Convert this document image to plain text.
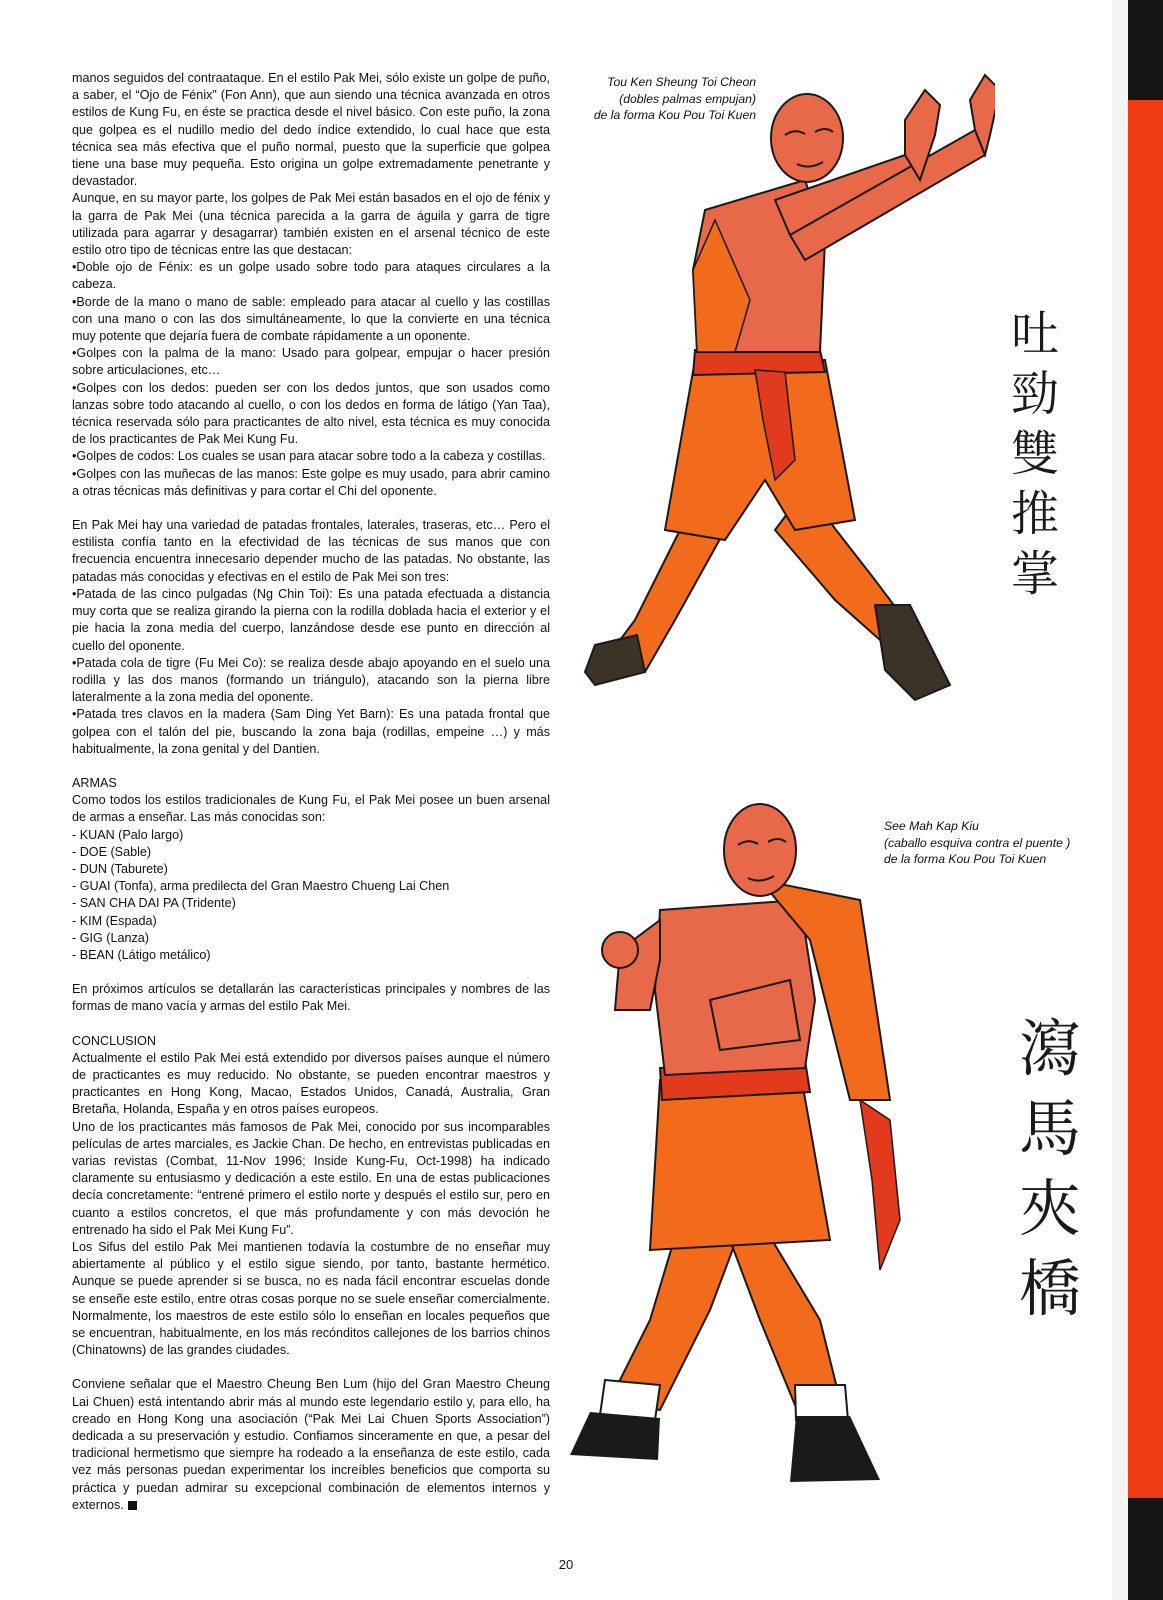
manos seguidos del contraataque. En el estilo Pak Mei, sólo existe un golpe de puño, a saber, el “Ojo de Fénix” (Fon Ann), que aun siendo una técnica avanzada en otros estilos de Kung Fu, en éste se practica desde el nivel básico. Con este puño, la zona que golpea es el nudillo medio del dedo índice extendido, lo cual hace que esta técnica sea más efectiva que el puño normal, puesto que la superficie que golpea tiene una base muy pequeña. Esto origina un golpe extremadamente penetrante y devastador.

Aunque, en su mayor parte, los golpes de Pak Mei están basados en el ojo de fénix y la garra de Pak Mei (una técnica parecida a la garra de águila y garra de tigre utilizada para agarrar y desagarrar) también existen en el arsenal técnico de este estilo otro tipo de técnicas entre las que destacan:

•Doble ojo de Fénix: es un golpe usado sobre todo para ataques circulares a la cabeza.

•Borde de la mano o mano de sable: empleado para atacar al cuello y las costillas con una mano o con las dos simultáneamente, lo que la convierte en una técnica muy potente que dejaría fuera de combate rápidamente a un oponente.

•Golpes con la palma de la mano: Usado para golpear, empujar o hacer presión sobre articulaciones, etc…

•Golpes con los dedos: pueden ser con los dedos juntos, que son usados como lanzas sobre todo atacando al cuello, o con los dedos en forma de látigo (Yan Taa), técnica reservada sólo para practicantes de alto nivel, esta técnica es muy conocida de los practicantes de Pak Mei Kung Fu.

•Golpes de codos: Los cuales se usan para atacar sobre todo a la cabeza y costillas.

•Golpes con las muñecas de las manos: Este golpe es muy usado, para abrir camino a otras técnicas más definitivas y para cortar el Chi del oponente.

En Pak Mei hay una variedad de patadas frontales, laterales, traseras, etc… Pero el estilista confía tanto en la efectividad de las técnicas de sus manos que con frecuencia encuentra innecesario depender mucho de las patadas. No obstante, las patadas más conocidas y efectivas en el estilo de Pak Mei son tres:

•Patada de las cinco pulgadas (Ng Chin Toi): Es una patada efectuada a distancia muy corta que se realiza girando la pierna con la rodilla doblada hacia el exterior y el pie hacia la zona media del cuerpo, lanzándose desde ese punto en dirección al cuello del oponente.

•Patada cola de tigre (Fu Mei Co): se realiza desde abajo apoyando en el suelo una rodilla y las dos manos (formando un triángulo), atacando son la pierna libre lateralmente a la zona media del oponente.

•Patada tres clavos en la madera (Sam Ding Yet Barn): Es una patada frontal que golpea con el talón del pie, buscando la zona baja (rodillas, empeine …) y más habitualmente, la zona genital y del Dantien.

ARMAS

Como todos los estilos tradicionales de Kung Fu, el Pak Mei posee un buen arsenal de armas a enseñar. Las más conocidas son:

- KUAN (Palo largo)

- DOE (Sable)

- DUN (Taburete)

- GUAI (Tonfa), arma predilecta del Gran Maestro Chueng Lai Chen

- SAN CHA DAI PA (Tridente)

- KIM (Espada)

- GIG (Lanza)

- BEAN (Látigo metálico)

En próximos artículos se detallarán las características principales y nombres de las formas de mano vacía y armas del estilo Pak Mei.

CONCLUSION

Actualmente el estilo Pak Mei está extendido por diversos países aunque el número de practicantes es muy reducido. No obstante, se pueden encontrar maestros y practicantes en Hong Kong, Macao, Estados Unidos, Canadá, Australia, Gran Bretaña, Holanda, España y en otros países europeos.

Uno de los practicantes más famosos de Pak Mei, conocido por sus incomparables películas de artes marciales, es Jackie Chan. De hecho, en entrevistas publicadas en varias revistas (Combat, 11-Nov 1996; Inside Kung-Fu, Oct-1998) ha indicado claramente su entusiasmo y dedicación a este estilo. En una de estas publicaciones decía concretamente: “entrené primero el estilo norte y después el estilo sur, pero en cuanto a estilos concretos, el que más profundamente y con más devoción he entrenado ha sido el Pak Mei Kung Fu”.

Los Sifus del estilo Pak Mei mantienen todavía la costumbre de no enseñar muy abiertamente al público y el estilo sigue siendo, por tanto, bastante hermético. Aunque se puede aprender si se busca, no es nada fácil encontrar escuelas donde se enseñe este estilo, entre otras cosas porque no se suele enseñar comercialmente. Normalmente, los maestros de este estilo sólo lo enseñan en locales pequeños que se encuentran, habitualmente, en los más recónditos callejones de los barrios chinos (Chinatowns) de las grandes ciudades.

Conviene señalar que el Maestro Cheung Ben Lum (hijo del Gran Maestro Cheung Lai Chuen) está intentando abrir más al mundo este legendario estilo y, para ello, ha creado en Hong Kong una asociación (“Pak Mei Lai Chuen Sports Association”) dedicada a su preservación y estudio. Confiamos sinceramente en que, a pesar del tradicional hermetismo que siempre ha rodeado a la enseñanza de este estilo, cada vez más personas puedan experimentar los increíbles beneficios que comporta su práctica y puedan admirar su excepcional combinación de elementos internos y externos.

Tou Ken Sheung Toi Cheon

(dobles palmas empujan)

de la forma Kou Pou Toi Kuen

吐
勁
雙
推
掌

See Mah Kap Kiu

(caballo esquiva contra el puente )

de la forma Kou Pou Toi Kuen

瀉
馬
夾
橋
20
